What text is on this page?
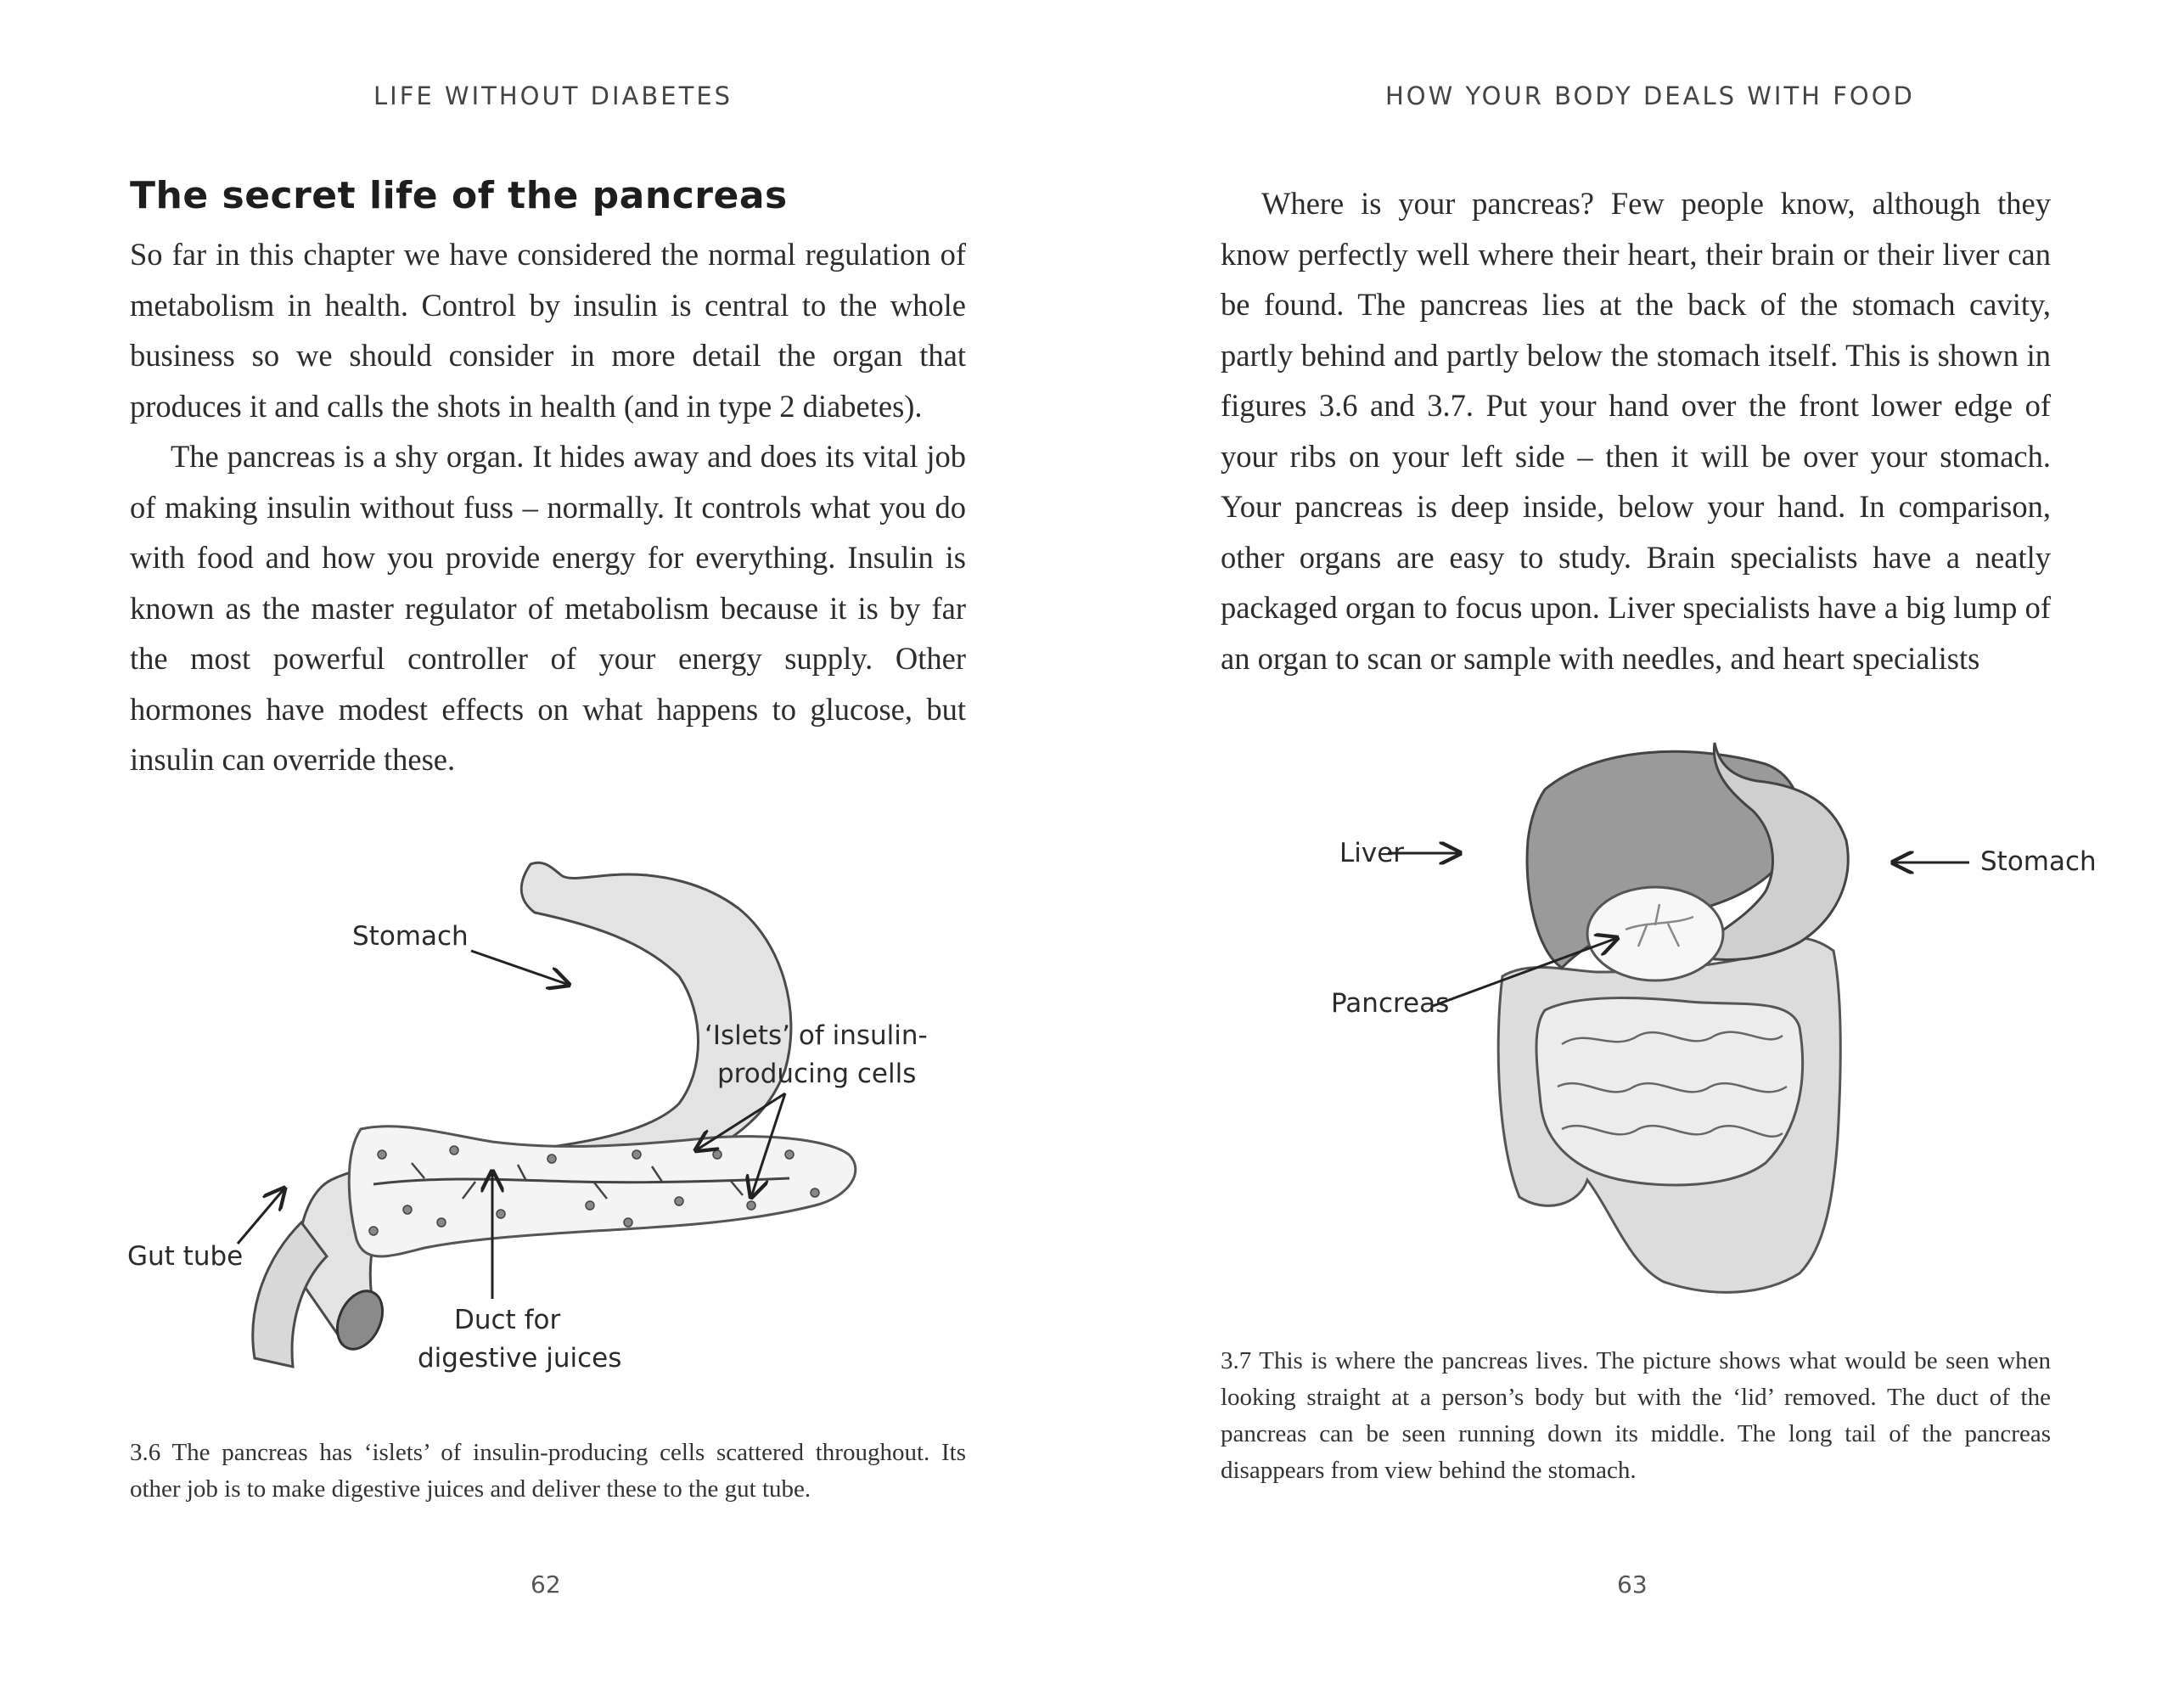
LIFE WITHOUT DIABETES
The secret life of the pancreas

So far in this chapter we have considered the normal regulation of metabolism in health. Control by insulin is central to the whole business so we should consider in more detail the organ that produces it and calls the shots in health (and in type 2 diabetes).

The pancreas is a shy organ. It hides away and does its vital job of making insulin without fuss – normally. It controls what you do with food and how you provide energy for everything. Insulin is known as the master regulator of metabolism because it is by far the most powerful controller of your energy supply. Other hormones have modest effects on what happens to glucose, but insulin can override these.

Stomach
‘Islets’ of insulin-
producing cells
Gut tube
Duct for
digestive juices

3.6 The pancreas has ‘islets’ of insulin-producing cells scattered throughout. Its other job is to make digestive juices and deliver these to the gut tube.

62
HOW YOUR BODY DEALS WITH FOOD

Where is your pancreas? Few people know, although they know perfectly well where their heart, their brain or their liver can be found. The pancreas lies at the back of the stomach cavity, partly behind and partly below the stomach itself. This is shown in figures 3.6 and 3.7. Put your hand over the front lower edge of your ribs on your left side – then it will be over your stomach. Your pancreas is deep inside, below your hand. In comparison, other organs are easy to study. Brain specialists have a neatly packaged organ to focus upon. Liver specialists have a big lump of an organ to scan or sample with needles, and heart specialists

Liver	Stomach
Pancreas

3.7 This is where the pancreas lives. The picture shows what would be seen when looking straight at a person’s body but with the ‘lid’ removed. The duct of the pancreas can be seen running down its middle. The long tail of the pancreas disappears from view behind the stomach.

63
